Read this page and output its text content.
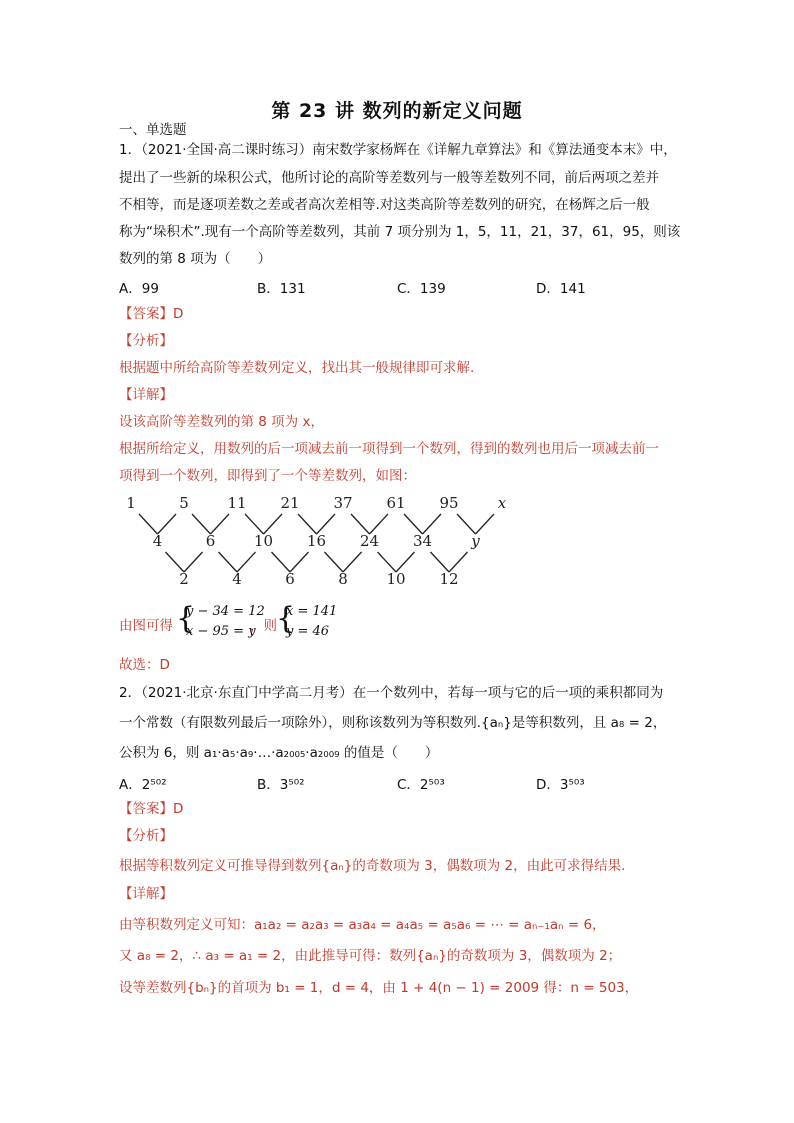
第 23 讲 数列的新定义问题
一、单选题
1．（2021·全国·高二课时练习）南宋数学家杨辉在《详解九章算法》和《算法通变本末》中，
提出了一些新的垛积公式，他所讨论的高阶等差数列与一般等差数列不同，前后两项之差并
不相等，而是逐项差数之差或者高次差相等.对这类高阶等差数列的研究，在杨辉之后一般
称为“垛积术”.现有一个高阶等差数列，其前 7 项分别为 1，5，11，21，37，61，95，则该
数列的第 8 项为（　　）
A．99	B．131	C．139	D．141
【答案】D
【分析】
根据题中所给高阶等差数列定义，找出其一般规律即可求解.
【详解】
设该高阶等差数列的第 8 项为 x，
根据所给定义，用数列的后一项减去前一项得到一个数列，得到的数列也用后一项减去前一
项得到一个数列，即得到了一个等差数列，如图：
1	5	11 21 37 61 95	x
4	6	10 16 24 34	y
2	4	6	8	10 12
由图可得 {
y − 34 = 12
x − 95 = y
，则 {
x = 141
y = 46
故选：D
2．（2021·北京·东直门中学高二月考）在一个数列中，若每一项与它的后一项的乘积都同为
一个常数（有限数列最后一项除外），则称该数列为等积数列.{aₙ}是等积数列，且 a₈ = 2，
公积为 6，则 a₁·a₅·a₉·…·a₂₀₀₅·a₂₀₀₉ 的值是（　　）
A．2⁵⁰²	B．3⁵⁰²	C．2⁵⁰³	D．3⁵⁰³
【答案】D
【分析】
根据等积数列定义可推导得到数列{aₙ}的奇数项为 3，偶数项为 2，由此可求得结果.
【详解】
由等积数列定义可知：a₁a₂ = a₂a₃ = a₃a₄ = a₄a₅ = a₅a₆ = ⋯ = aₙ₋₁aₙ = 6，
又 a₈ = 2，∴ a₃ = a₁ = 2，由此推导可得：数列{aₙ}的奇数项为 3，偶数项为 2；
设等差数列{bₙ}的首项为 b₁ = 1，d = 4，由 1 + 4(n − 1) = 2009 得：n = 503，
